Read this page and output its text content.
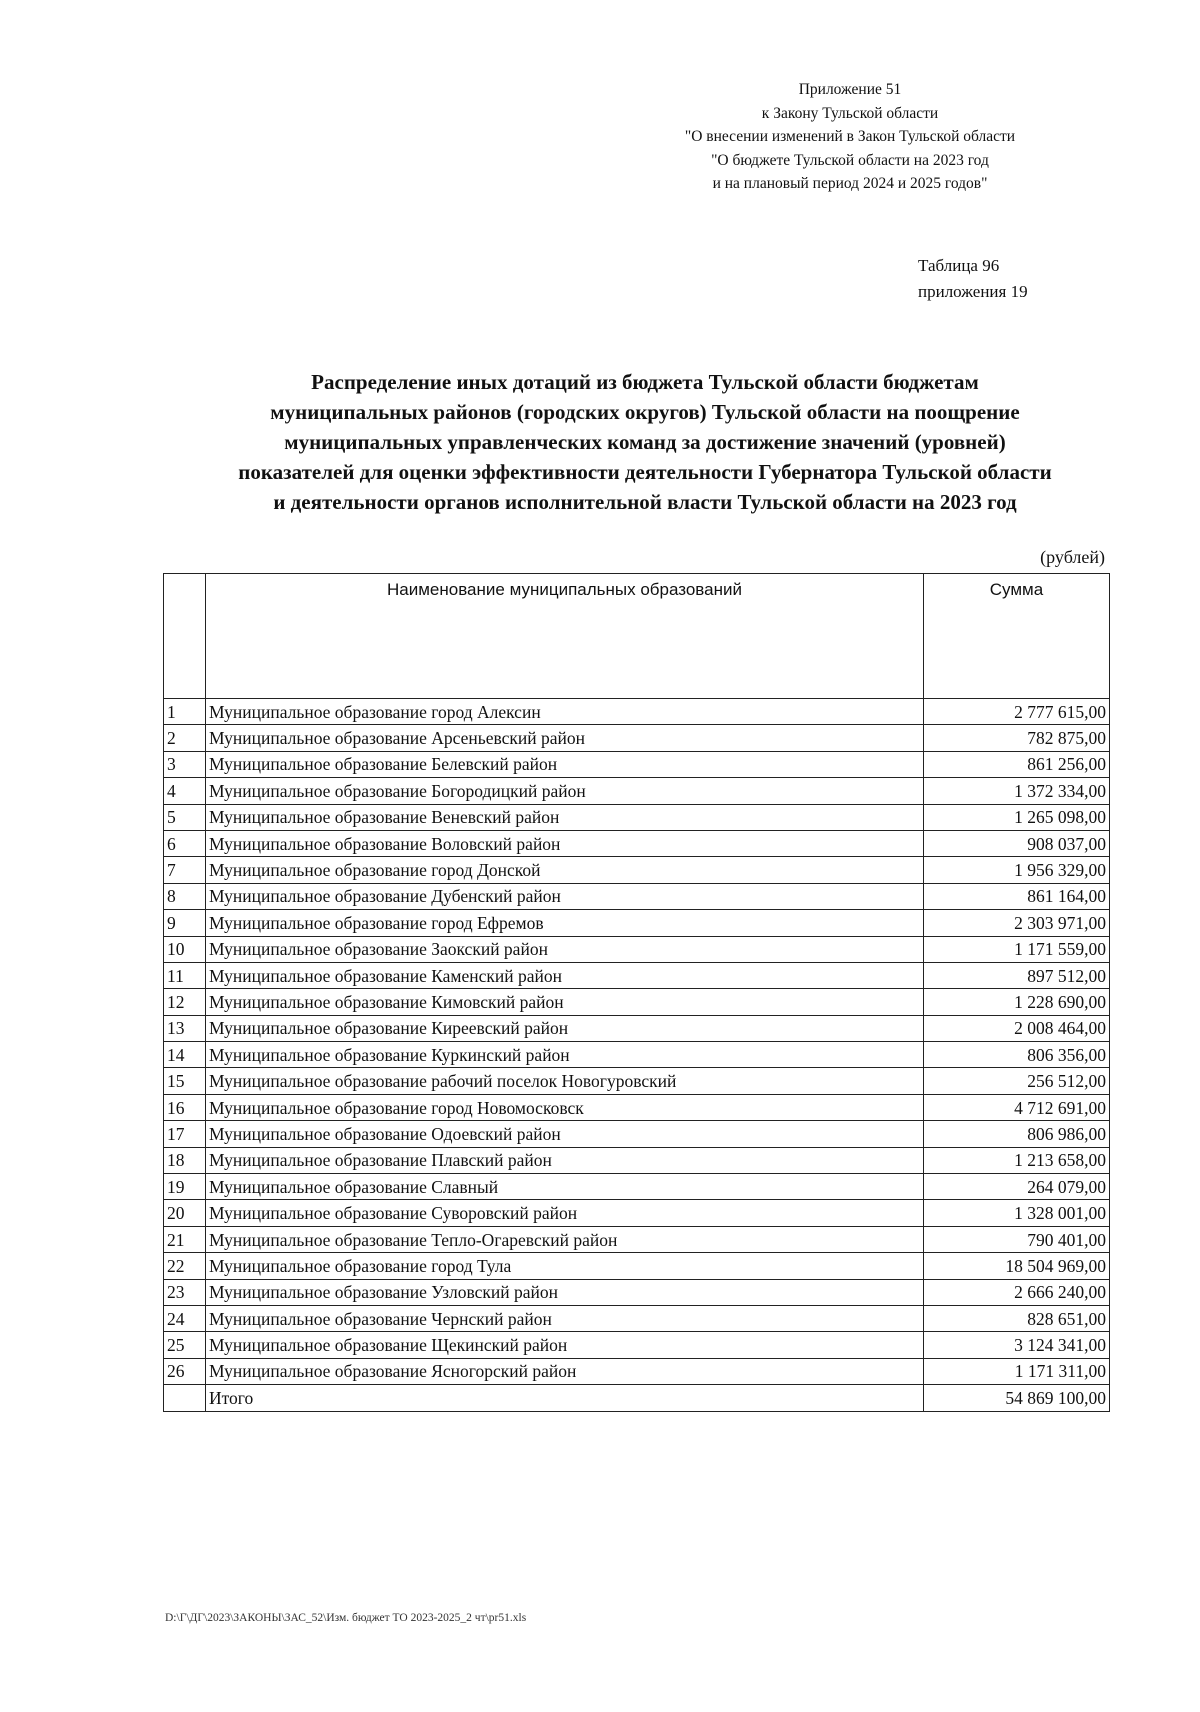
Приложение 51
к Закону Тульской области
"О внесении изменений в Закон Тульской области
"О бюджете Тульской области на 2023 год
и на плановый период 2024 и 2025 годов"
Таблица 96
приложения 19
Распределение иных дотаций из бюджета Тульской области бюджетам
муниципальных районов (городских округов) Тульской области на поощрение
муниципальных управленческих команд за достижение значений (уровней)
показателей для оценки эффективности деятельности Губернатора Тульской области
и деятельности органов исполнительной власти Тульской области на 2023 год
(рублей)
	Наименование муниципальных образований	Сумма
1	Муниципальное образование город Алексин	2 777 615,00
2	Муниципальное образование Арсеньевский район	782 875,00
3	Муниципальное образование Белевский район	861 256,00
4	Муниципальное образование Богородицкий район	1 372 334,00
5	Муниципальное образование Веневский район	1 265 098,00
6	Муниципальное образование Воловский район	908 037,00
7	Муниципальное образование город Донской	1 956 329,00
8	Муниципальное образование Дубенский район	861 164,00
9	Муниципальное образование город Ефремов	2 303 971,00
10	Муниципальное образование Заокский район	1 171 559,00
11	Муниципальное образование Каменский район	897 512,00
12	Муниципальное образование Кимовский район	1 228 690,00
13	Муниципальное образование Киреевский район	2 008 464,00
14	Муниципальное образование Куркинский район	806 356,00
15	Муниципальное образование рабочий поселок Новогуровский	256 512,00
16	Муниципальное образование город Новомосковск	4 712 691,00
17	Муниципальное образование Одоевский район	806 986,00
18	Муниципальное образование Плавский район	1 213 658,00
19	Муниципальное образование Славный	264 079,00
20	Муниципальное образование Суворовский район	1 328 001,00
21	Муниципальное образование Тепло-Огаревский район	790 401,00
22	Муниципальное образование город Тула	18 504 969,00
23	Муниципальное образование Узловский район	2 666 240,00
24	Муниципальное образование Чернский район	828 651,00
25	Муниципальное образование Щекинский район	3 124 341,00
26	Муниципальное образование Ясногорский район	1 171 311,00
	Итого	54 869 100,00
D:\Г\ДГ\2023\ЗАКОНЫ\ЗАС_52\Изм. бюджет ТО 2023-2025_2 чт\pr51.xls
